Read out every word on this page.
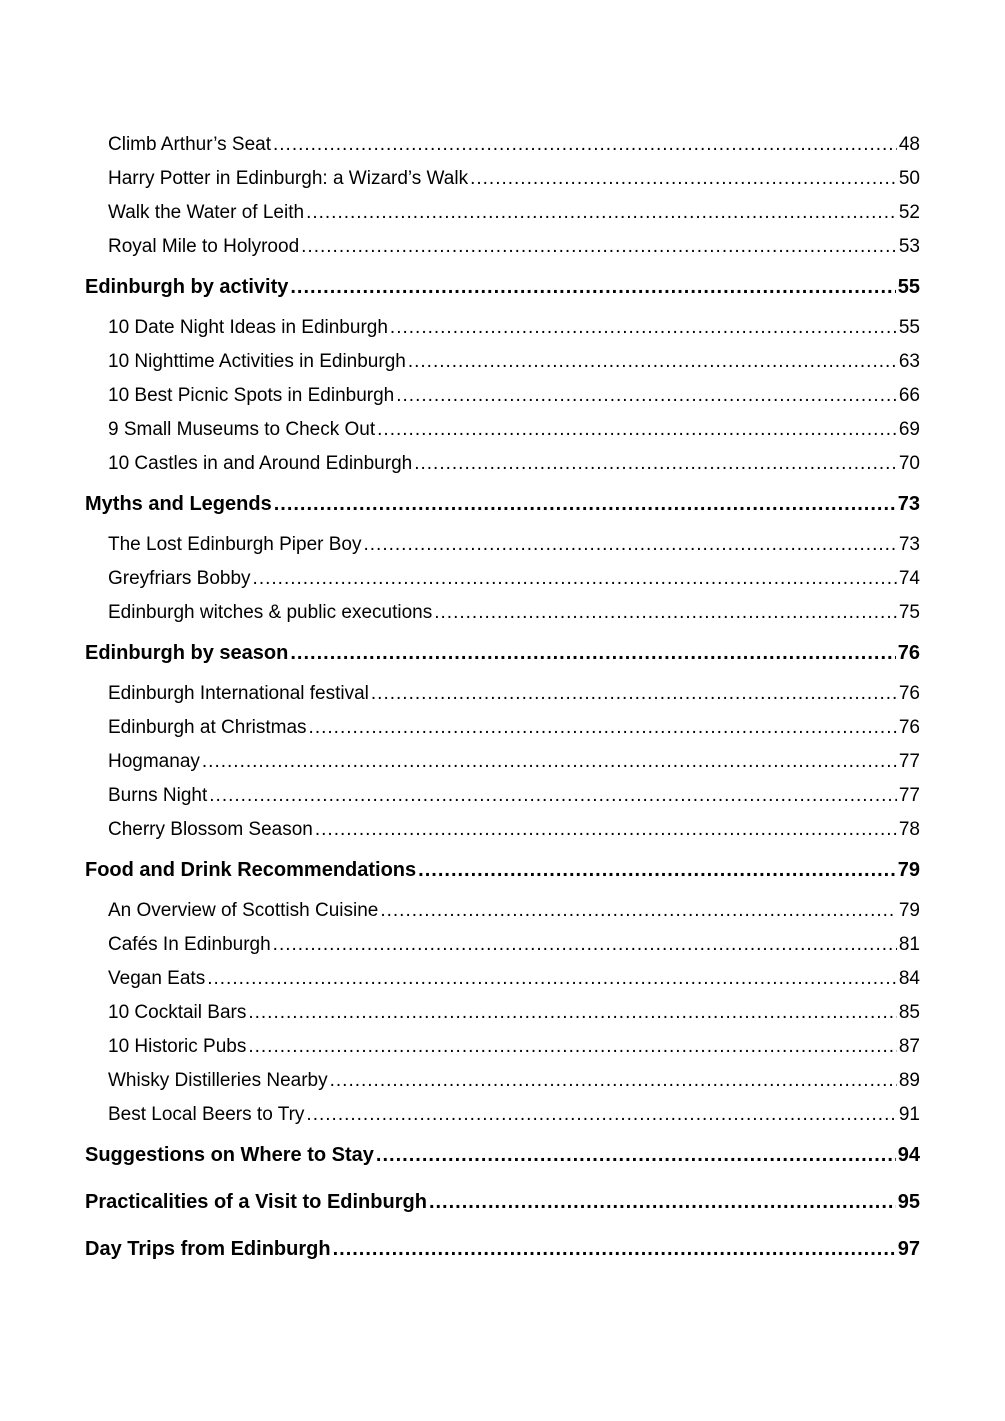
Climb Arthur’s Seat .....	48
Harry Potter in Edinburgh: a Wizard’s Walk .....	50
Walk the Water of Leith .....	52
Royal Mile to Holyrood .....	53
Edinburgh by activity .....	55
10 Date Night Ideas in Edinburgh .....	55
10 Nighttime Activities in Edinburgh .....	63
10 Best Picnic Spots in Edinburgh .....	66
9 Small Museums to Check Out .....	69
10 Castles in and Around Edinburgh .....	70
Myths and Legends .....	73
The Lost Edinburgh Piper Boy .....	73
Greyfriars Bobby .....	74
Edinburgh witches & public executions .....	75
Edinburgh by season .....	76
Edinburgh International festival .....	76
Edinburgh at Christmas .....	76
Hogmanay .....	77
Burns Night .....	77
Cherry Blossom Season .....	78
Food and Drink Recommendations .....	79
An Overview of Scottish Cuisine .....	79
Cafés In Edinburgh .....	81
Vegan Eats .....	84
10 Cocktail Bars .....	85
10 Historic Pubs .....	87
Whisky Distilleries Nearby .....	89
Best Local Beers to Try .....	91
Suggestions on Where to Stay .....	94
Practicalities of a Visit to Edinburgh .....	95
Day Trips from Edinburgh .....	97
